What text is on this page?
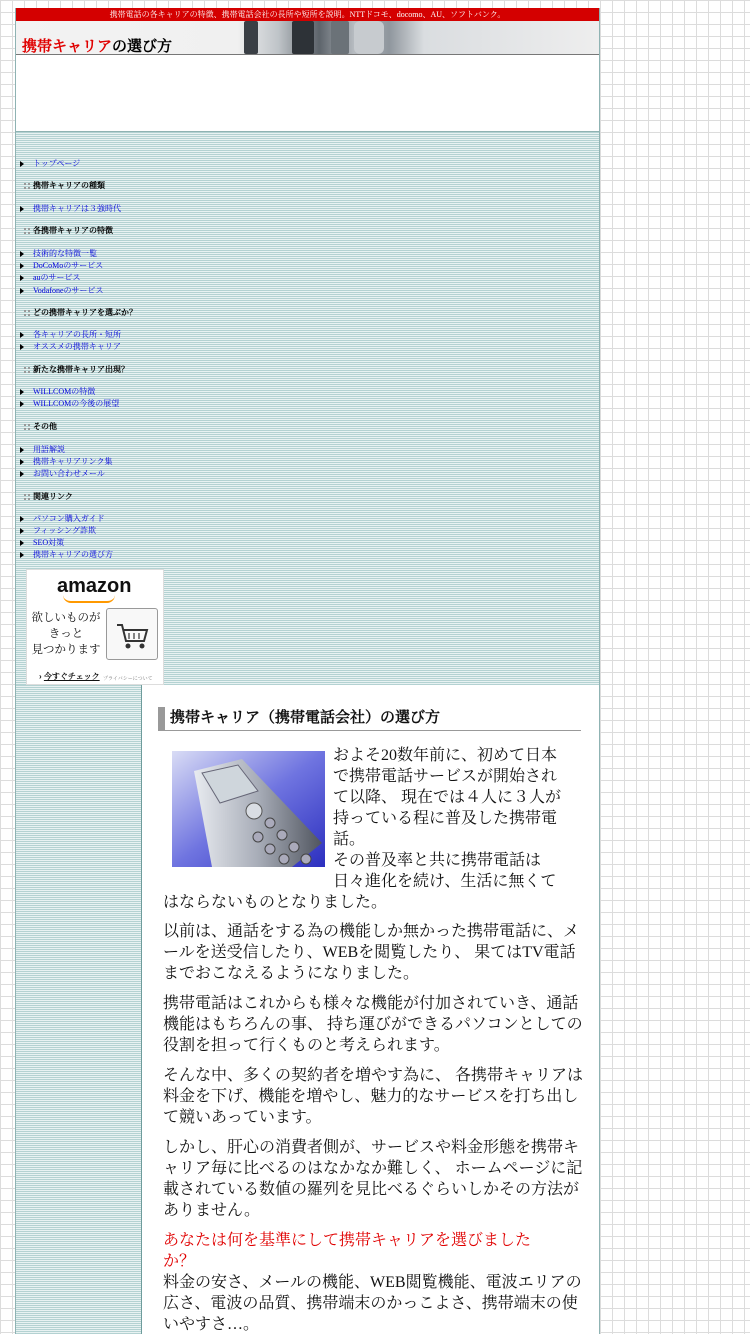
携帯電話の各キャリアの特徴、携帯電話会社の長所や短所を説明。NTTドコモ、docomo、AU、ソフトバンク。
携帯キャリアの選び方
トップページ
携帯キャリアの種類
携帯キャリアは３強時代
各携帯キャリアの特徴
技術的な特徴一覧
DoCoMoのサービス
auのサービス
Vodafoneのサービス
どの携帯キャリアを選ぶか？
各キャリアの長所・短所
オススメの携帯キャリア
新たな携帯キャリア出現？
WILLCOMの特徴
WILLCOMの今後の展望
その他
用語解説
携帯キャリアリンク集
お問い合わせメール
関連リンク
パソコン購入ガイド
フィッシング詐欺
SEO対策
携帯キャリアの選び方
amazon
欲しいものが
きっと
見つかります
› 今すぐチェック プライバシーについて
携帯キャリア（携帯電話会社）の選び方
およそ20数年前に、初めて日本
で携帯電話サービスが開始され
て以降、 現在では４人に３人が
持っている程に普及した携帯電
話。
その普及率と共に携帯電話は
日々進化を続け、生活に無くて
はならないものとなりました。
以前は、通話をする為の機能しか無かった携帯電話に、メールを送受信したり、WEBを閲覧したり、 果てはTV電話までおこなえるようになりました。
携帯電話はこれからも様々な機能が付加されていき、通話機能はもちろんの事、 持ち運びができるパソコンとしての役割を担って行くものと考えられます。
そんな中、多くの契約者を増やす為に、 各携帯キャリアは料金を下げ、機能を増やし、魅力的なサービスを打ち出して競いあっています。
しかし、肝心の消費者側が、サービスや料金形態を携帯キャリア毎に比べるのはなかなか難しく、 ホームページに記載されている数値の羅列を見比べるぐらいしかその方法がありません。
あなたは何を基準にして携帯キャリアを選びましたか？
料金の安さ、メールの機能、WEB閲覧機能、電波エリアの広さ、電波の品質、携帯端末のかっこよさ、携帯端末の使いやすさ…。
